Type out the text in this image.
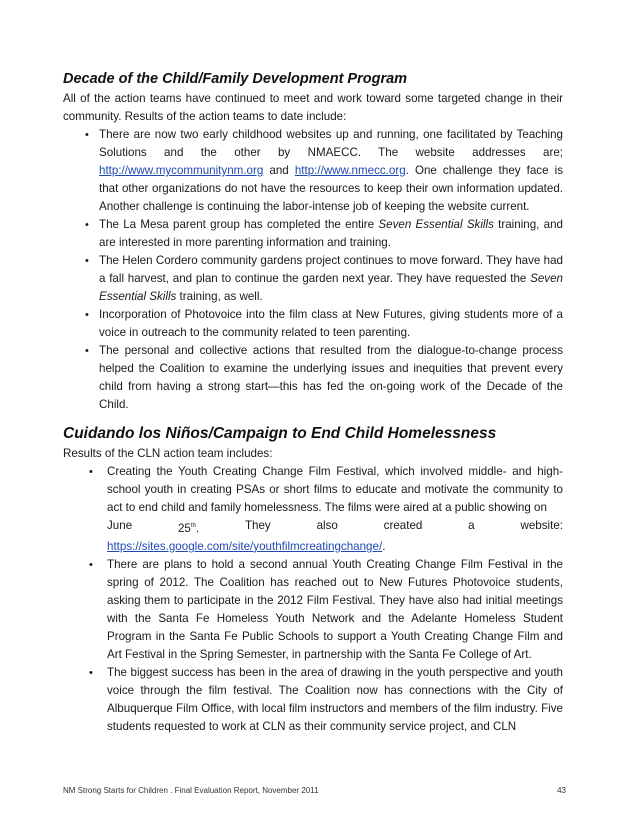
Decade of the Child/Family Development Program

All of the action teams have continued to meet and work toward some targeted change in their community. Results of the action teams to date include:

• There are now two early childhood websites up and running, one facilitated by Teaching Solutions and the other by NMAECC. The website addresses are; http://www.mycommunitynm.org and http://www.nmecc.org. One challenge they face is that other organizations do not have the resources to keep their own information updated. Another challenge is continuing the labor-intense job of keeping the website current.
• The La Mesa parent group has completed the entire Seven Essential Skills training, and are interested in more parenting information and training.
• The Helen Cordero community gardens project continues to move forward. They have had a fall harvest, and plan to continue the garden next year. They have requested the Seven Essential Skills training, as well.
• Incorporation of Photovoice into the film class at New Futures, giving students more of a voice in outreach to the community related to teen parenting.
• The personal and collective actions that resulted from the dialogue-to-change process helped the Coalition to examine the underlying issues and inequities that prevent every child from having a strong start—this has fed the on-going work of the Decade of the Child.
Cuidando los Niños/Campaign to End Child Homelessness

Results of the CLN action team includes:

• Creating the Youth Creating Change Film Festival, which involved middle- and high-school youth in creating PSAs or short films to educate and motivate the community to act to end child and family homelessness. The films were aired at a public showing on
June	25th.	They	also	created	a	website:
https://sites.google.com/site/youthfilmcreatingchange/.
• There are plans to hold a second annual Youth Creating Change Film Festival in the spring of 2012. The Coalition has reached out to New Futures Photovoice students, asking them to participate in the 2012 Film Festival. They have also had initial meetings with the Santa Fe Homeless Youth Network and the Adelante Homeless Student Program in the Santa Fe Public Schools to support a Youth Creating Change Film and Art Festival in the Spring Semester, in partnership with the Santa Fe College of Art.
• The biggest success has been in the area of drawing in the youth perspective and youth voice through the film festival. The Coalition now has connections with the City of Albuquerque Film Office, with local film instructors and members of the film industry. Five students requested to work at CLN as their community service project, and CLN
NM Strong Starts for Children . Final Evaluation Report, November 2011	43
